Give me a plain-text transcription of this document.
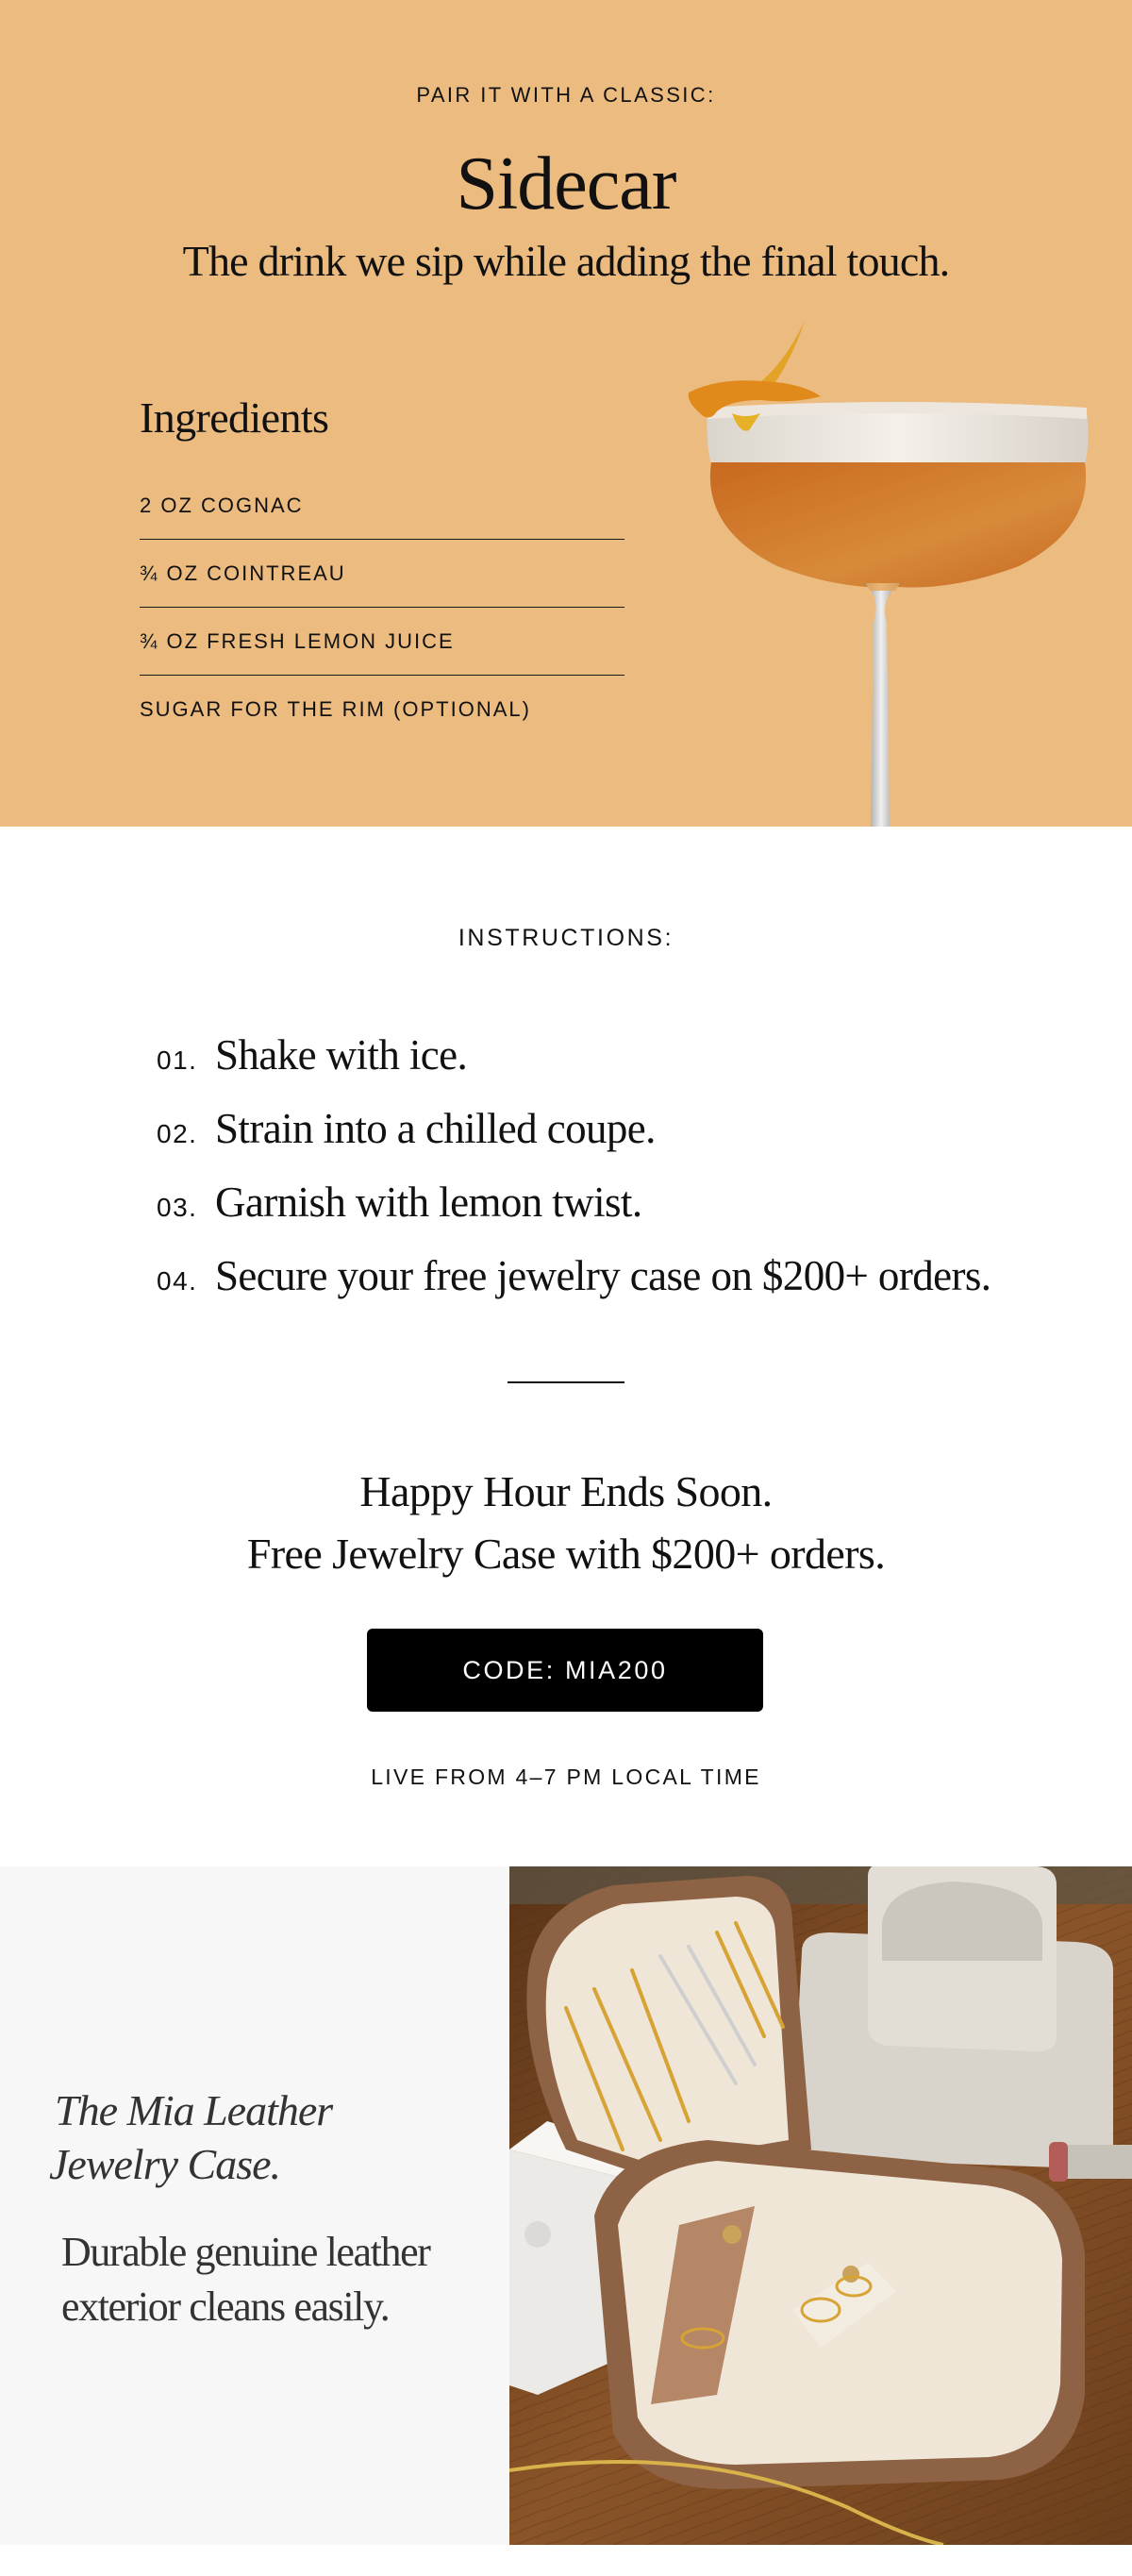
PAIR IT WITH A CLASSIC:
Sidecar
The drink we sip while adding the final touch.
Ingredients
2 OZ COGNAC
¾ OZ COINTREAU
¾ OZ FRESH LEMON JUICE
SUGAR FOR THE RIM (OPTIONAL)
INSTRUCTIONS:
01. Shake with ice.
02. Strain into a chilled coupe.
03. Garnish with lemon twist.
04. Secure your free jewelry case on $200+ orders.
Happy Hour Ends Soon.
Free Jewelry Case with $200+ orders.
CODE: MIA200
LIVE FROM 4–7 PM LOCAL TIME
The Mia Leather
Jewelry Case.

Durable genuine leather
exterior cleans easily.
